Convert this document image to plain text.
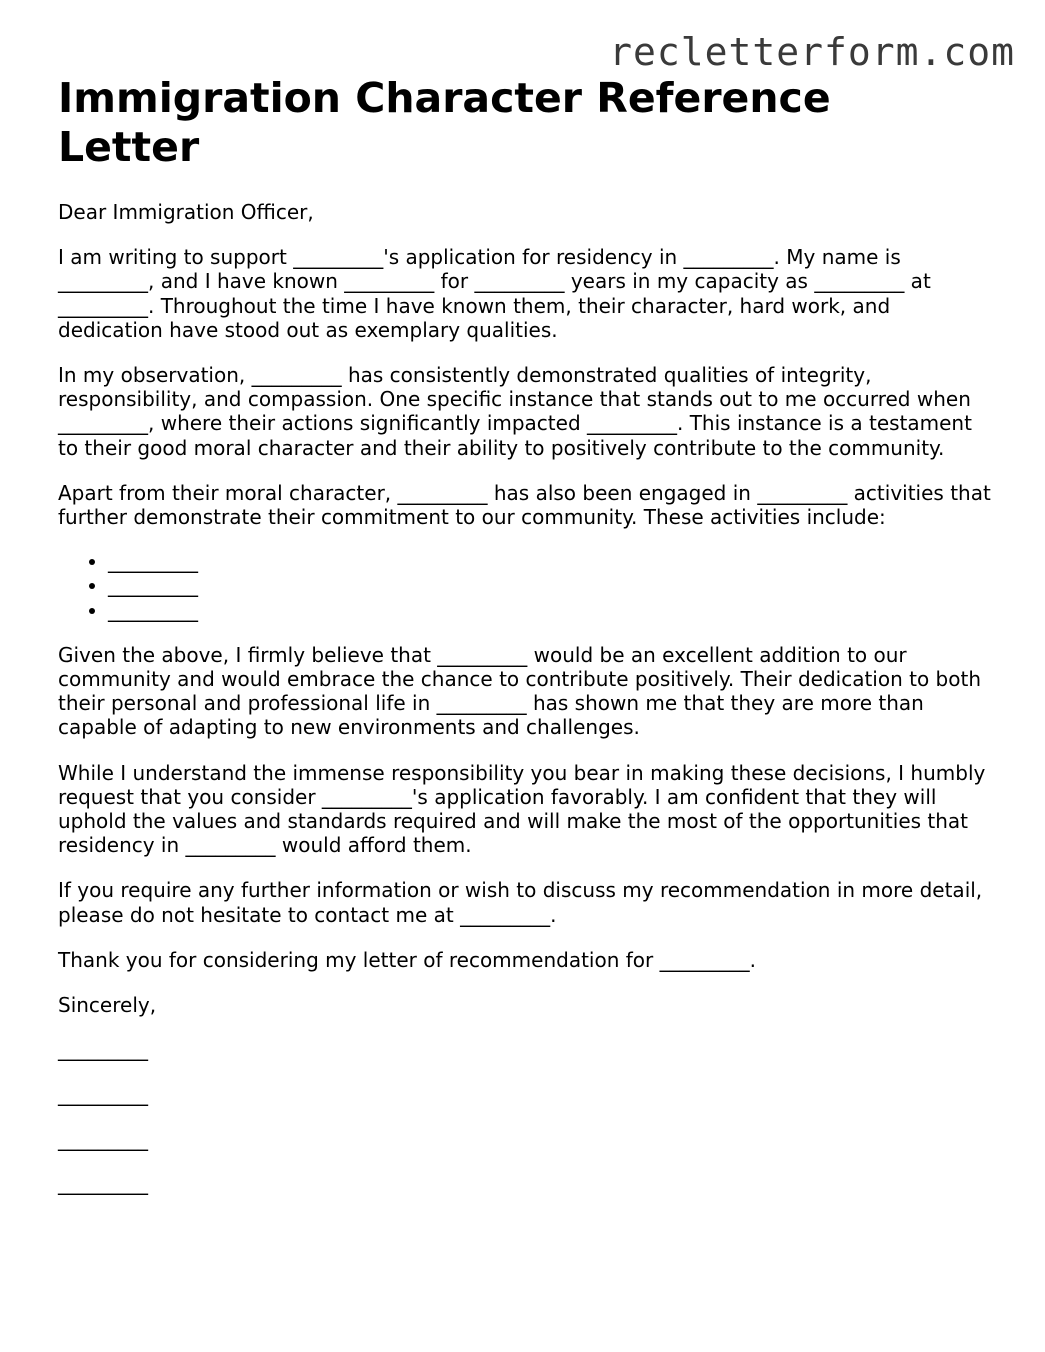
recletterform.com
Immigration Character Reference Letter

Dear Immigration Officer,

I am writing to support _________'s application for residency in _________. My name is _________, and I have known _________ for _________ years in my capacity as _________ at _________. Throughout the time I have known them, their character, hard work, and dedication have stood out as exemplary qualities.

In my observation, _________ has consistently demonstrated qualities of integrity, responsibility, and compassion. One specific instance that stands out to me occurred when _________, where their actions significantly impacted _________. This instance is a testament to their good moral character and their ability to positively contribute to the community.

Apart from their moral character, _________ has also been engaged in _________ activities that further demonstrate their commitment to our community. These activities include:

• _________
• _________
• _________

Given the above, I firmly believe that _________ would be an excellent addition to our community and would embrace the chance to contribute positively. Their dedication to both their personal and professional life in _________ has shown me that they are more than capable of adapting to new environments and challenges.

While I understand the immense responsibility you bear in making these decisions, I humbly request that you consider _________'s application favorably. I am confident that they will uphold the values and standards required and will make the most of the opportunities that residency in _________ would afford them.

If you require any further information or wish to discuss my recommendation in more detail, please do not hesitate to contact me at _________.

Thank you for considering my letter of recommendation for _________.

Sincerely,

_________
_________
_________
_________
